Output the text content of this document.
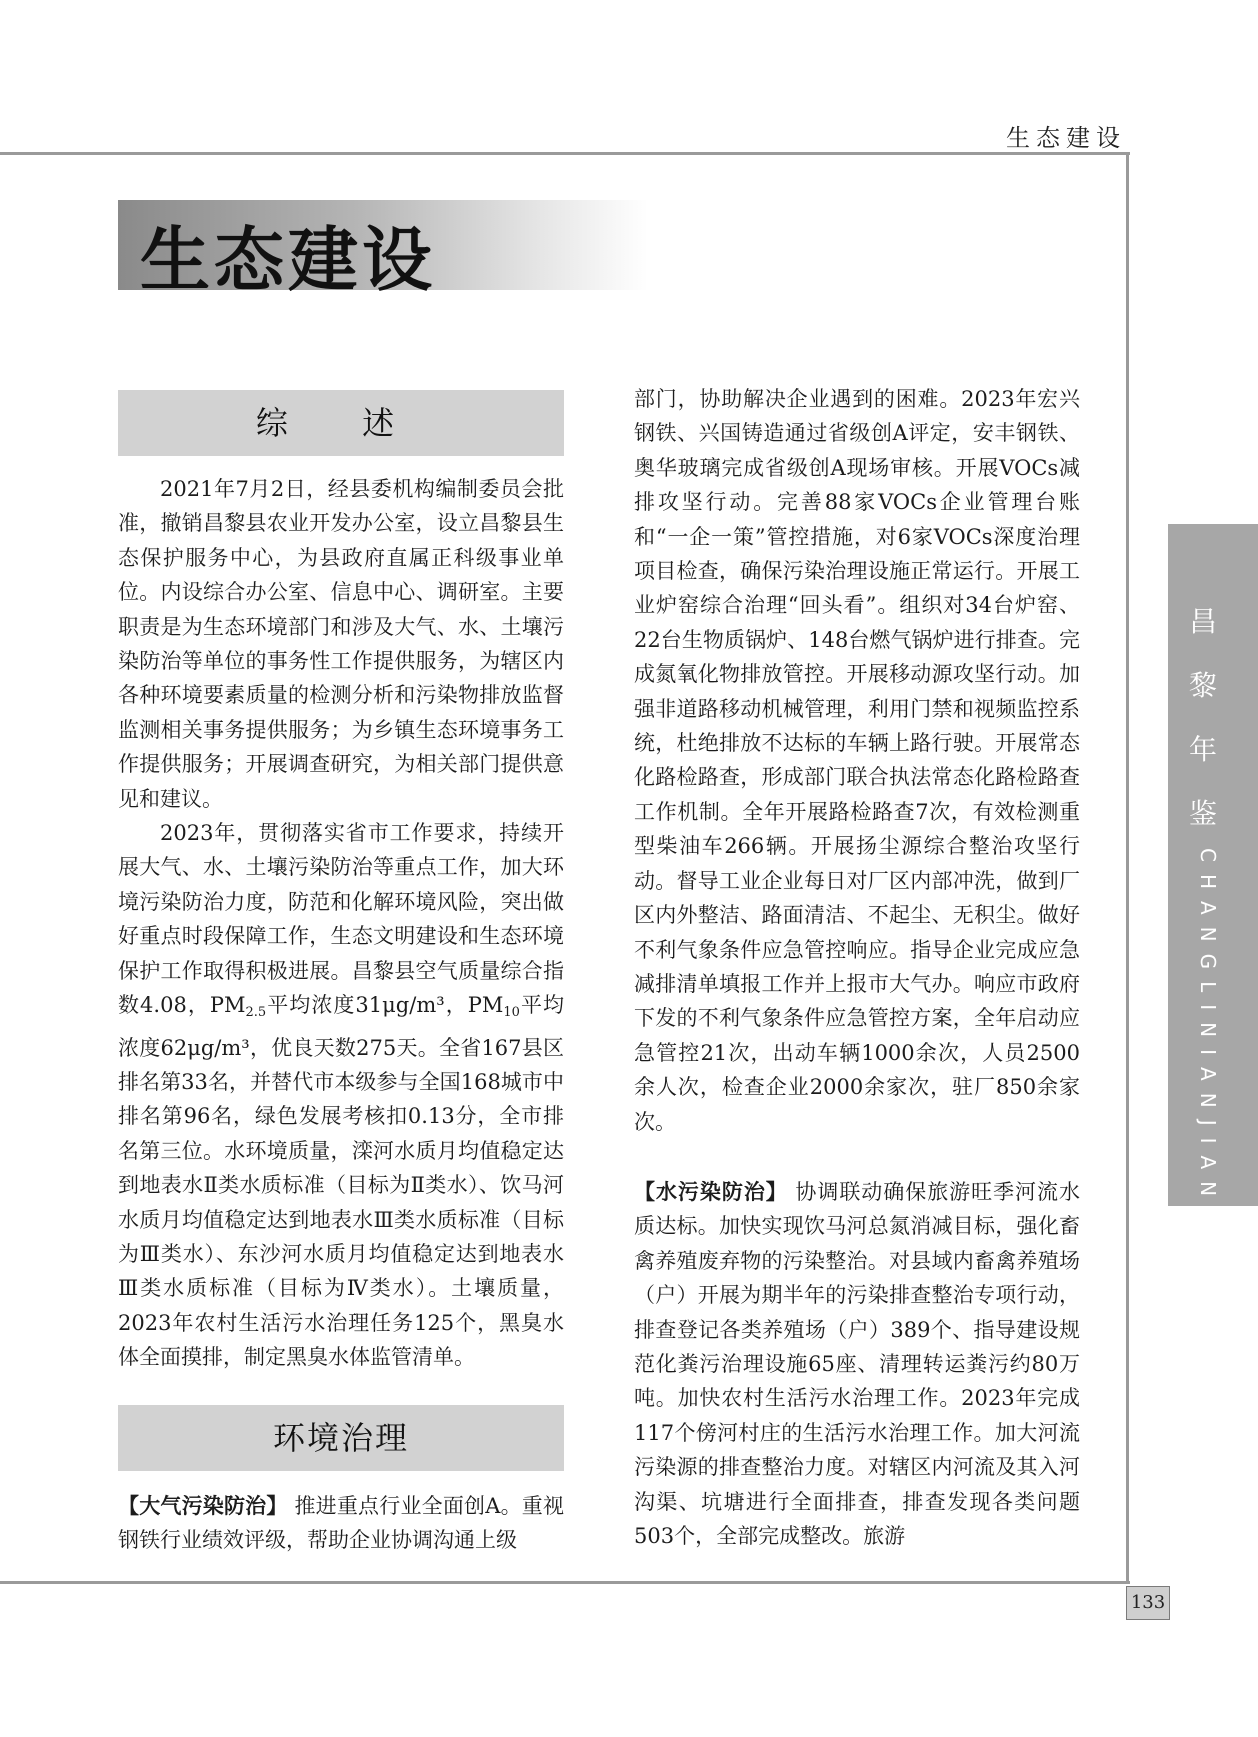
生态建设
生态建设
综 述

2021年7月2日，经县委机构编制委员会批准，撤销昌黎县农业开发办公室，设立昌黎县生态保护服务中心，为县政府直属正科级事业单位。内设综合办公室、信息中心、调研室。主要职责是为生态环境部门和涉及大气、水、土壤污染防治等单位的事务性工作提供服务，为辖区内各种环境要素质量的检测分析和污染物排放监督监测相关事务提供服务；为乡镇生态环境事务工作提供服务；开展调查研究，为相关部门提供意见和建议。

2023年，贯彻落实省市工作要求，持续开展大气、水、土壤污染防治等重点工作，加大环境污染防治力度，防范和化解环境风险，突出做好重点时段保障工作，生态文明建设和生态环境保护工作取得积极进展。昌黎县空气质量综合指数4.08，$PM_{2.5}$平均浓度31μg/m³，$PM_{10}$平均浓度62μg/m³，优良天数275天。全省167县区排名第33名，并替代市本级参与全国168城市中排名第96名，绿色发展考核扣0.13分，全市排名第三位。水环境质量，滦河水质月均值稳定达到地表水Ⅱ类水质标准（目标为Ⅱ类水）、饮马河水质月均值稳定达到地表水Ⅲ类水质标准（目标为Ⅲ类水）、东沙河水质月均值稳定达到地表水Ⅲ类水质标准（目标为Ⅳ类水）。土壤质量，2023年农村生活污水治理任务125个，黑臭水体全面摸排，制定黑臭水体监管清单。

环境治理

【大气污染防治】 推进重点行业全面创A。重视钢铁行业绩效评级，帮助企业协调沟通上级

部门，协助解决企业遇到的困难。2023年宏兴钢铁、兴国铸造通过省级创A评定，安丰钢铁、奥华玻璃完成省级创A现场审核。开展VOCs减排攻坚行动。完善88家VOCs企业管理台账和“一企一策”管控措施，对6家VOCs深度治理项目检查，确保污染治理设施正常运行。开展工业炉窑综合治理“回头看”。组织对34台炉窑、22台生物质锅炉、148台燃气锅炉进行排查。完成氮氧化物排放管控。开展移动源攻坚行动。加强非道路移动机械管理，利用门禁和视频监控系统，杜绝排放不达标的车辆上路行驶。开展常态化路检路查，形成部门联合执法常态化路检路查工作机制。全年开展路检路查7次，有效检测重型柴油车266辆。开展扬尘源综合整治攻坚行动。督导工业企业每日对厂区内部冲洗，做到厂区内外整洁、路面清洁、不起尘、无积尘。做好不利气象条件应急管控响应。指导企业完成应急减排清单填报工作并上报市大气办。响应市政府下发的不利气象条件应急管控方案，全年启动应急管控21次，出动车辆1000余次，人员2500余人次，检查企业2000余家次，驻厂850余家次。

【水污染防治】 协调联动确保旅游旺季河流水质达标。加快实现饮马河总氮消减目标，强化畜禽养殖废弃物的污染整治。对县域内畜禽养殖场（户）开展为期半年的污染排查整治专项行动，排查登记各类养殖场（户）389个、指导建设规范化粪污治理设施65座、清理转运粪污约80万吨。加快农村生活污水治理工作。2023年完成117个傍河村庄的生活污水治理工作。加大河流污染源的排查整治力度。对辖区内河流及其入河沟渠、坑塘进行全面排查，排查发现各类问题503个，全部完成整改。旅游

昌
黎
年
鉴
CHANGLINIANJIAN
133
